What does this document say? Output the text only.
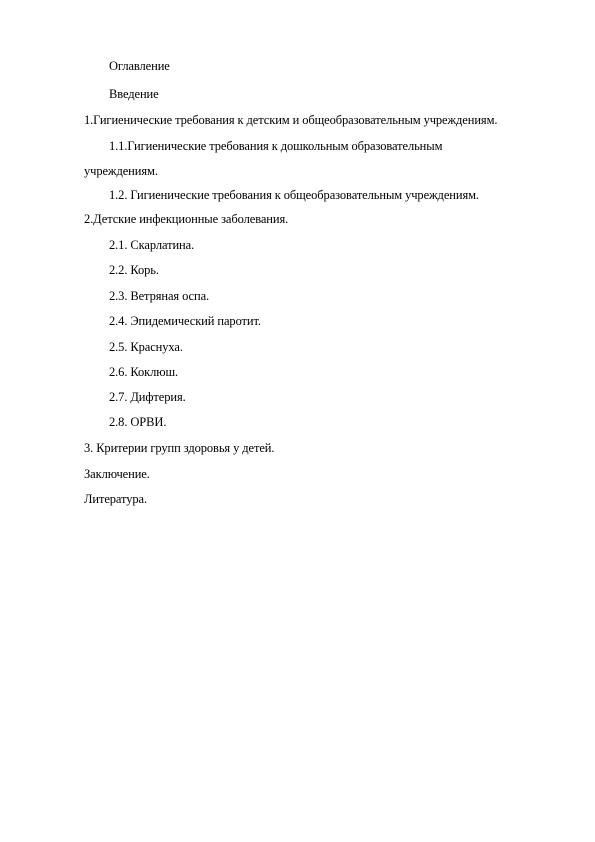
Оглавление
Введение
1.Гигиенические требования к детским и общеобразовательным учреждениям.
1.1.Гигиенические требования к дошкольным образовательным
учреждениям.
1.2. Гигиенические требования к общеобразовательным учреждениям.
2.Детские инфекционные заболевания.
2.1. Скарлатина.
2.2. Корь.
2.3. Ветряная оспа.
2.4. Эпидемический паротит.
2.5. Краснуха.
2.6. Коклюш.
2.7. Дифтерия.
2.8. ОРВИ.
3. Критерии групп здоровья у детей.
Заключение.
Литература.
